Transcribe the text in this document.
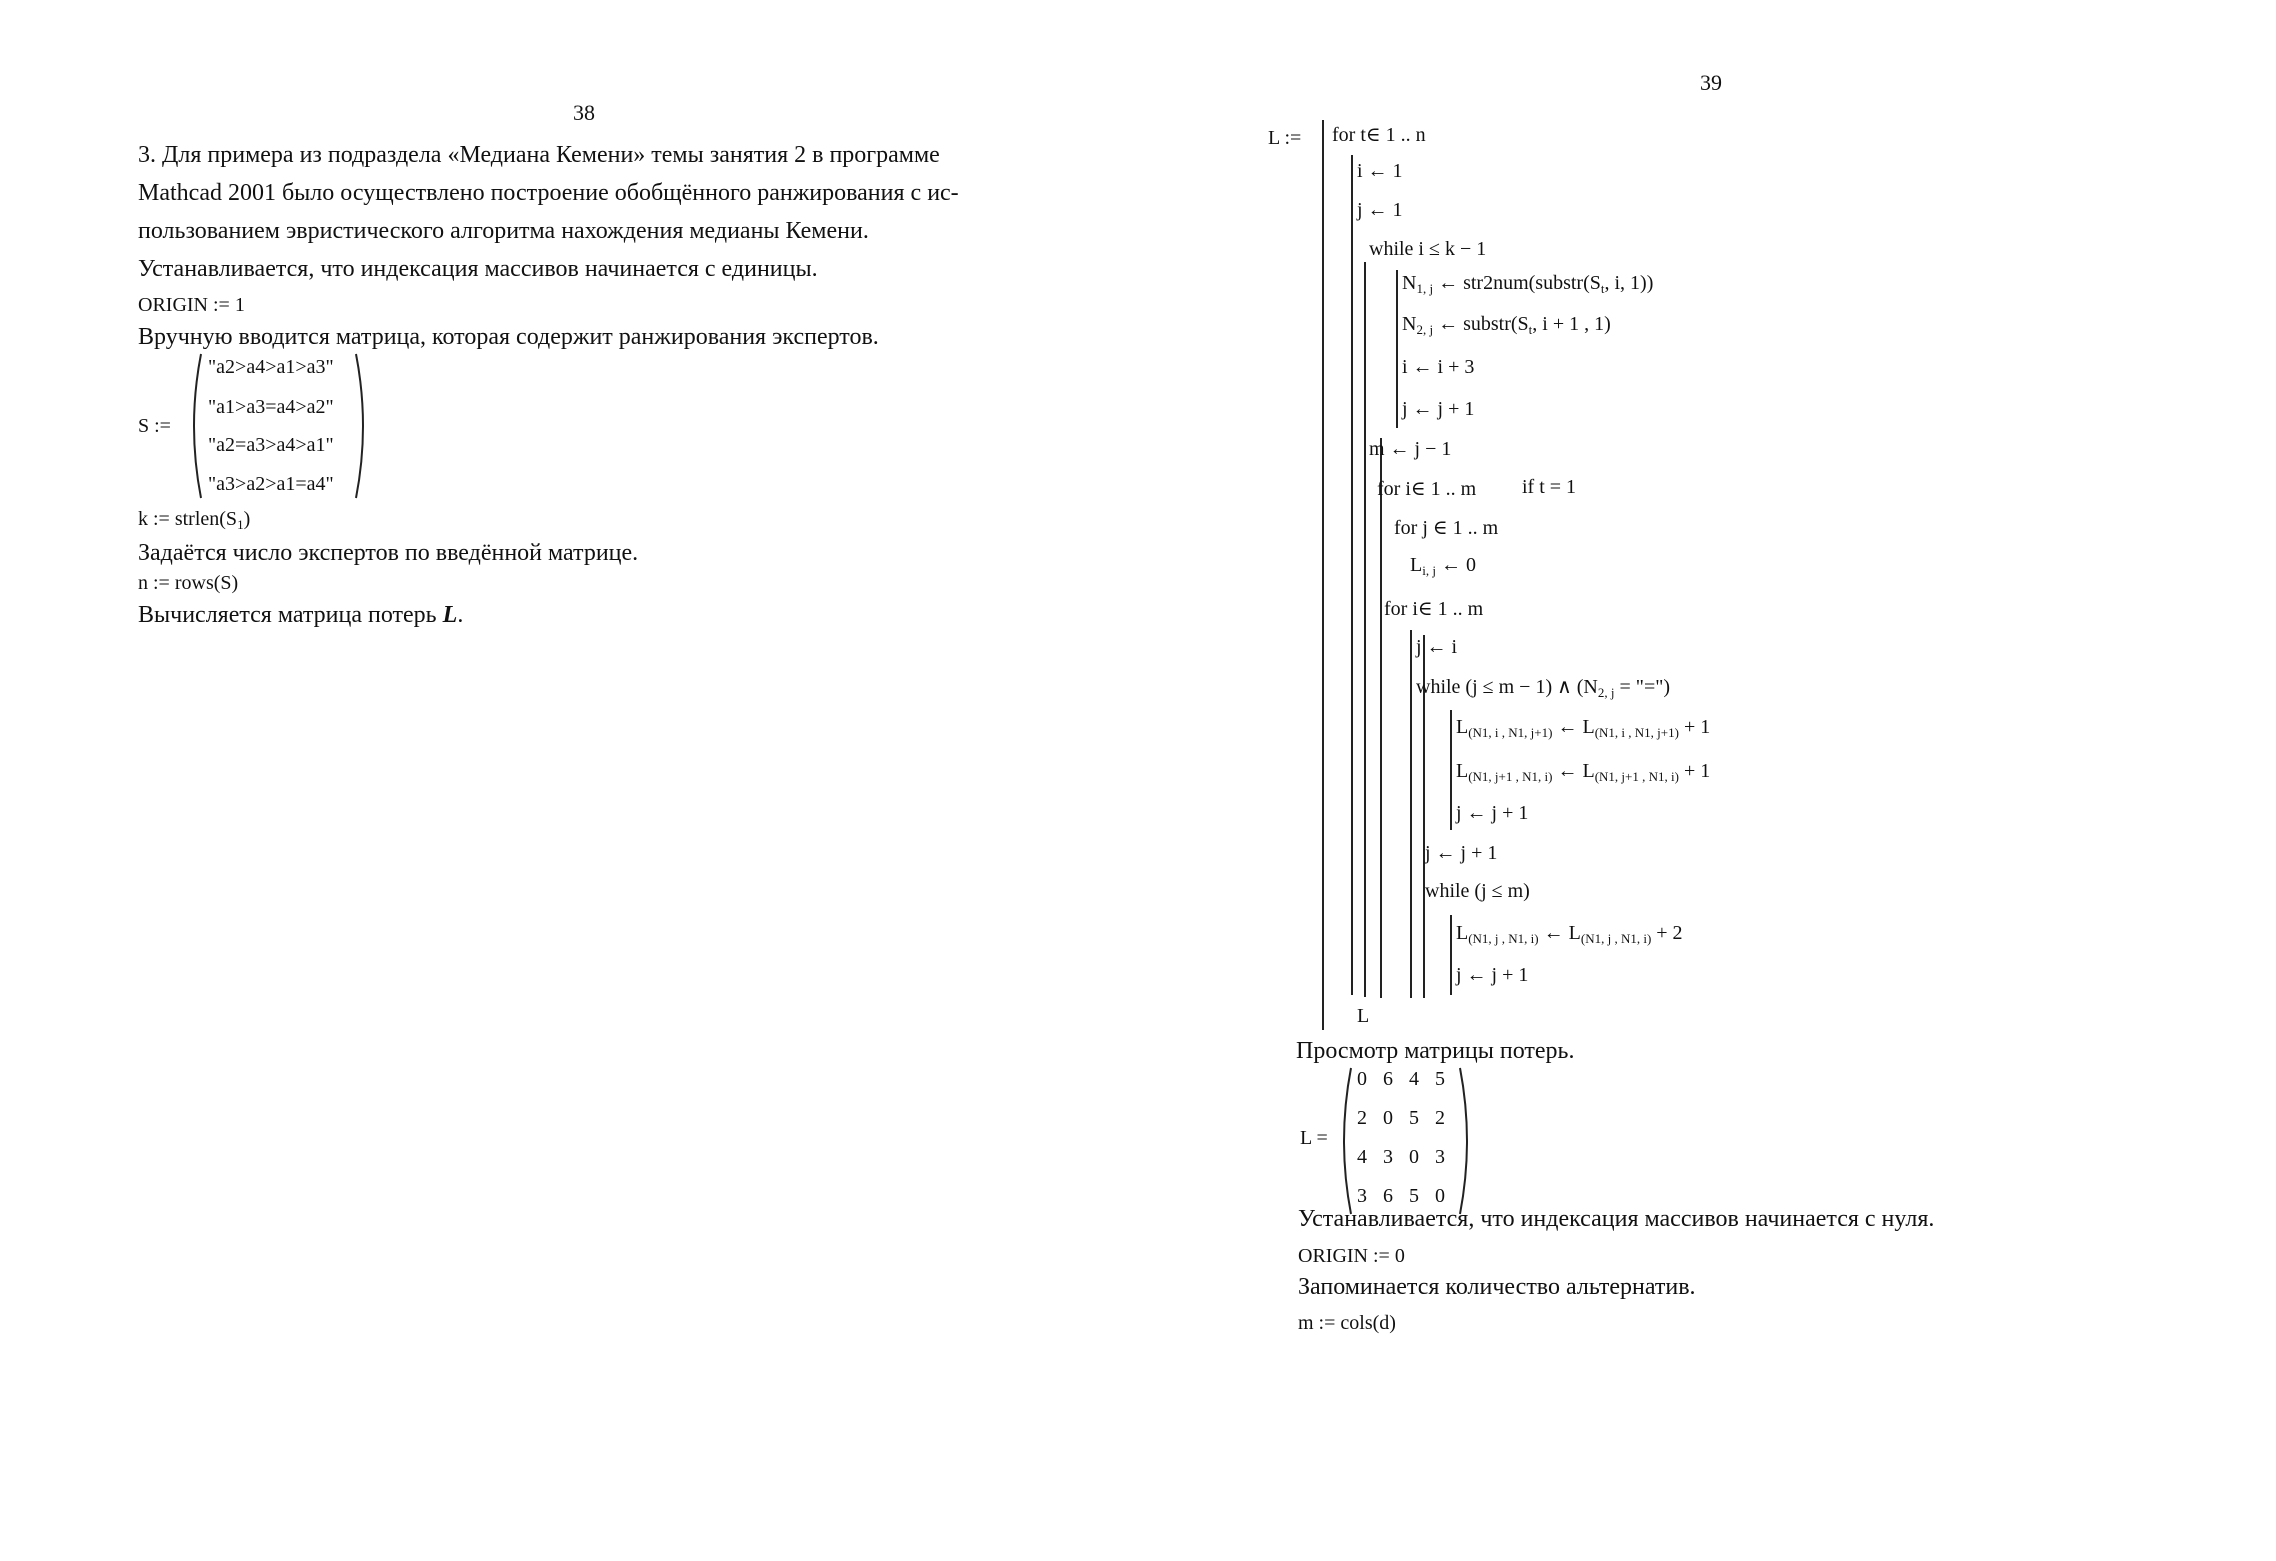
38
3. Для примера из подраздела «Медиана Кемени» темы занятия 2 в программе
Mathcad 2001 было осуществлено построение обобщённого ранжирования с ис-
пользованием эвристического алгоритма нахождения медианы Кемени.
Устанавливается, что индексация массивов начинается с единицы.
ORIGIN := 1
Вручную вводится матрица, которая содержит ранжирования экспертов.
S :=
"a2>a4>a1>a3"
"a1>a3=a4>a2"
"a2=a3>a4>a1"
"a3>a2>a1=a4"
k := $strlen(S_1)$
Задаётся число экспертов по введённой матрице.
n := rows(S)
Вычисляется матрица потерь L.
39
L := for t∈ 1 .. n
i ← 1
j ← 1
while i ≤ k − 1
$N_{1, j}$ ← $str2num(substr(S_t$, i, 1))
$N_{2, j}$ ← $substr(S_t$, i + 1 , 1)
i ← i + 3
j ← j + 1
m ← j − 1
for i∈ 1 .. m if t = 1
for j ∈ 1 .. m
$L_{i, j}$ ← 0
for i∈ 1 .. m
j ← i
while (j ≤ m − 1) ∧ ($N_{2, j}$ = "=")
$L_{(N1, i , N1, j+1)}$ ← $L_{(N1, i , N1, j+1)} + 1$
$L_{(N1, j+1 , N1, i)}$ ← $L_{(N1, j+1 , N1, i)} + 1$
j ← j + 1
j ← j + 1
while (j ≤ m)
$L_{(N1, j , N1, i)}$ ← $L_{(N1, j , N1, i)} + 2$
j ← j + 1
L
Просмотр матрицы потерь.
L =
0 6 4 5
2 0 5 2
4 3 0 3
3 6 5 0
Устанавливается, что индексация массивов начинается с нуля.
ORIGIN := 0
Запоминается количество альтернатив.
m := cols(d)
